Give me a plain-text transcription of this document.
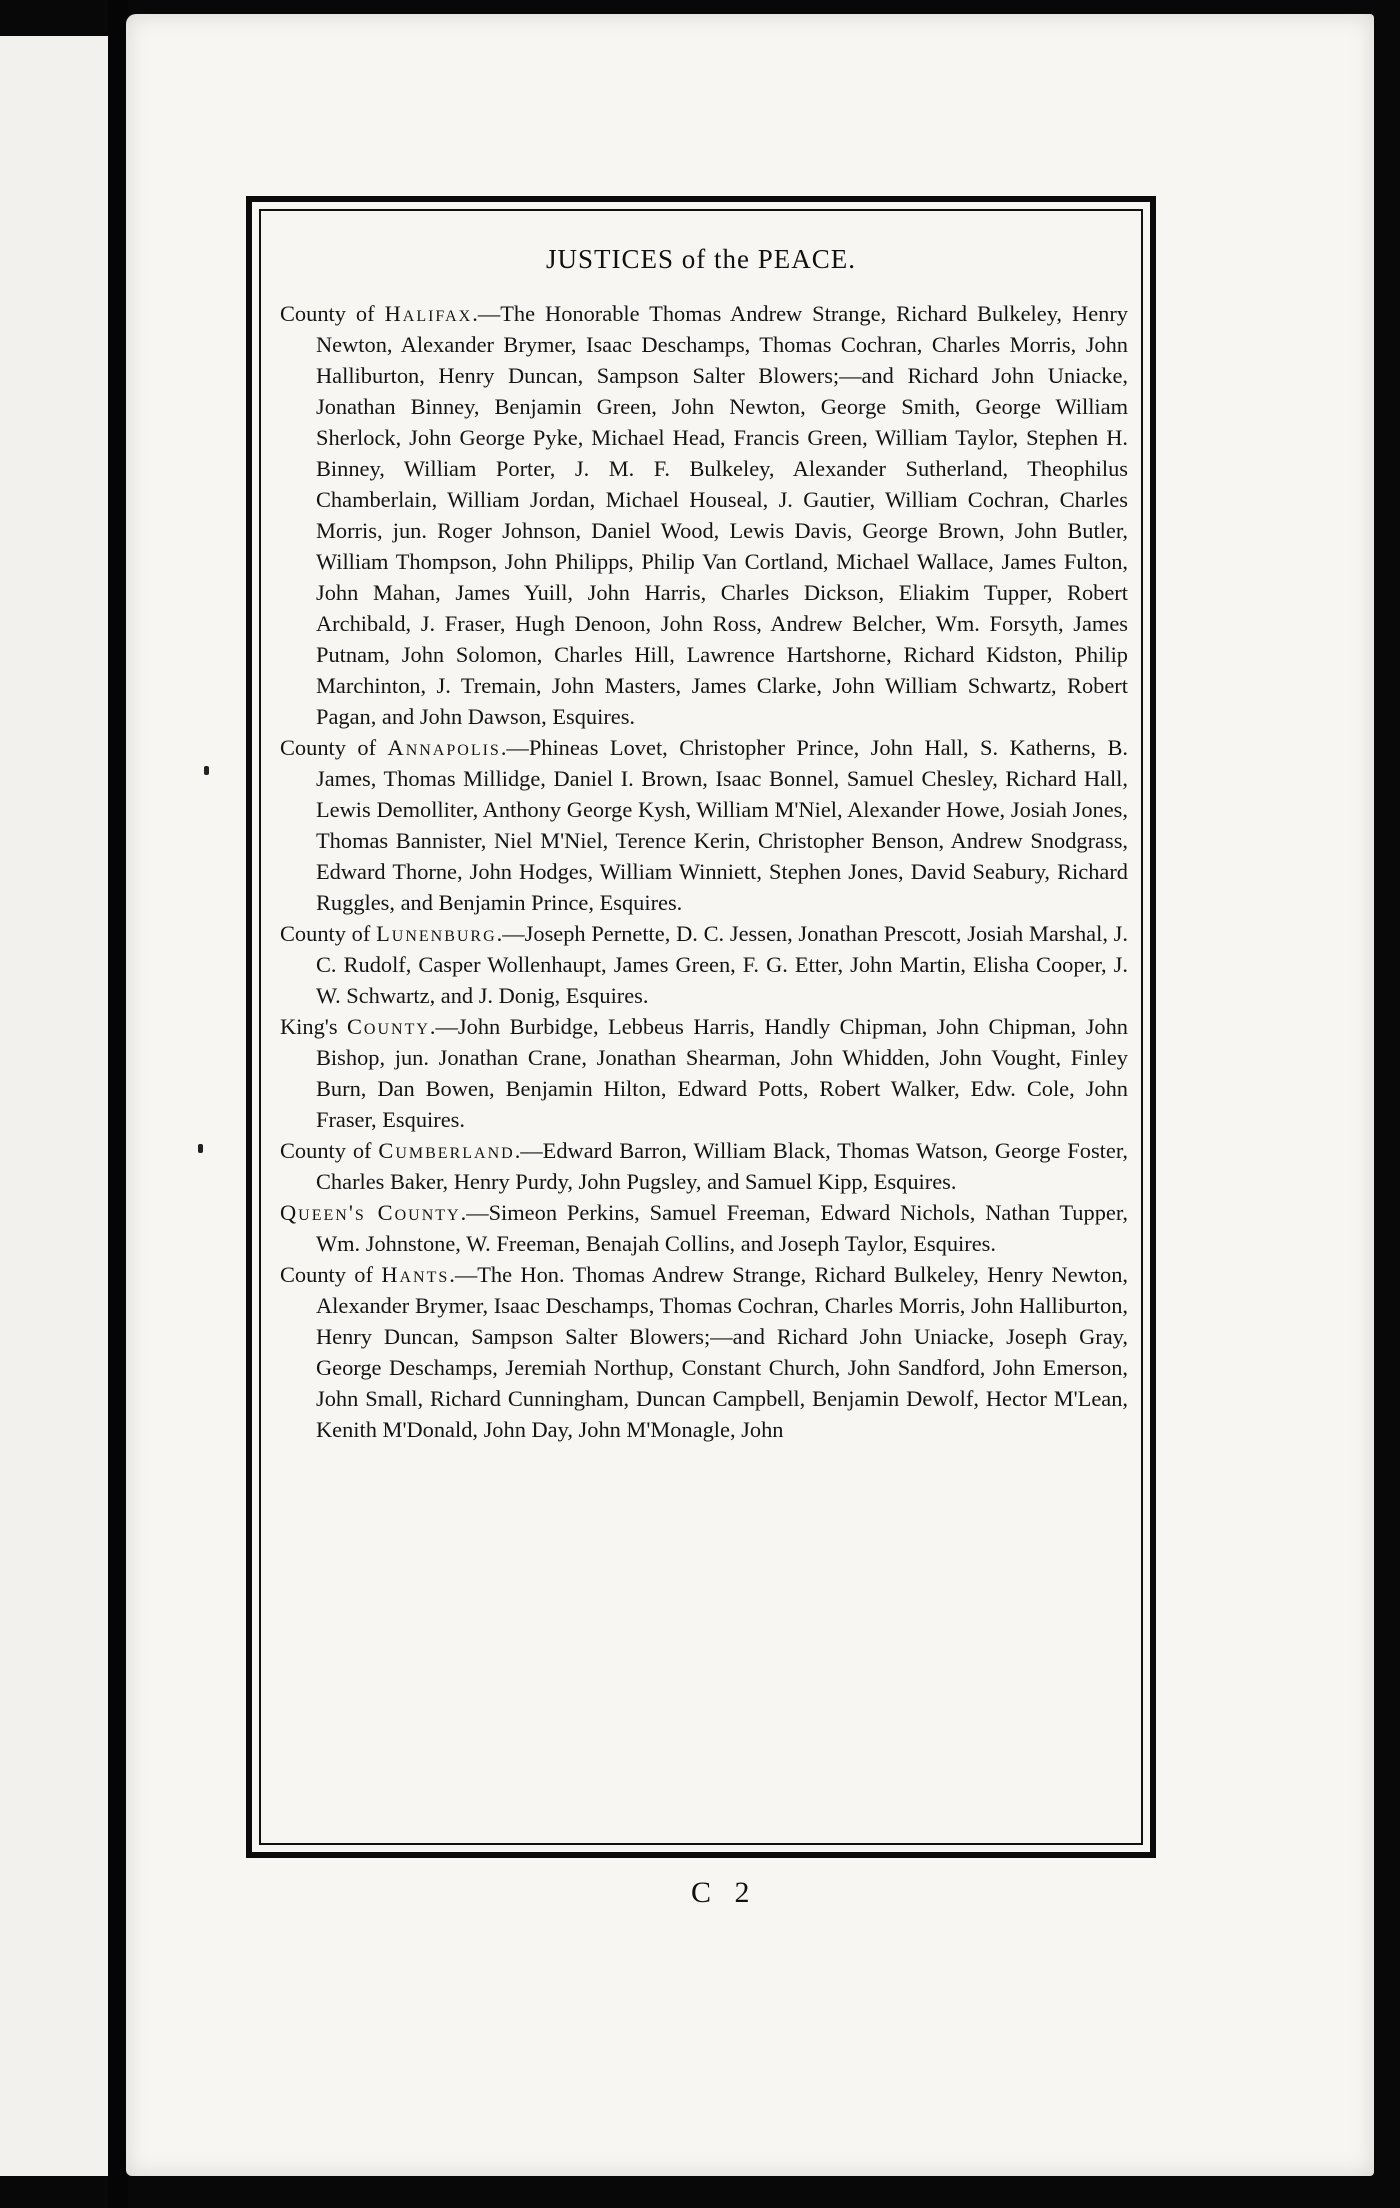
JUSTICES of the PEACE.

County of Halifax.—The Honorable Thomas Andrew Strange, Richard Bulkeley, Henry Newton, Alexander Brymer, Isaac Deschamps, Thomas Cochran, Charles Morris, John Halliburton, Henry Duncan, Sampson Salter Blowers;—and Richard John Uniacke, Jonathan Binney, Benjamin Green, John Newton, George Smith, George William Sherlock, John George Pyke, Michael Head, Francis Green, William Taylor, Stephen H. Binney, William Porter, J. M. F. Bulkeley, Alexander Sutherland, Theophilus Chamberlain, William Jordan, Michael Houseal, J. Gautier, William Cochran, Charles Morris, jun. Roger Johnson, Daniel Wood, Lewis Davis, George Brown, John Butler, William Thompson, John Philipps, Philip Van Cortland, Michael Wallace, James Fulton, John Mahan, James Yuill, John Harris, Charles Dickson, Eliakim Tupper, Robert Archibald, J. Fraser, Hugh Denoon, John Ross, Andrew Belcher, Wm. Forsyth, James Putnam, John Solomon, Charles Hill, Lawrence Hartshorne, Richard Kidston, Philip Marchinton, J. Tremain, John Masters, James Clarke, John William Schwartz, Robert Pagan, and John Dawson, Esquires.

County of Annapolis.—Phineas Lovet, Christopher Prince, John Hall, S. Katherns, B. James, Thomas Millidge, Daniel I. Brown, Isaac Bonnel, Samuel Chesley, Richard Hall, Lewis Demolliter, Anthony George Kysh, William M'Niel, Alexander Howe, Josiah Jones, Thomas Bannister, Niel M'Niel, Terence Kerin, Christopher Benson, Andrew Snodgrass, Edward Thorne, John Hodges, William Winniett, Stephen Jones, David Seabury, Richard Ruggles, and Benjamin Prince, Esquires.

County of Lunenburg.—Joseph Pernette, D. C. Jessen, Jonathan Prescott, Josiah Marshal, J. C. Rudolf, Casper Wollenhaupt, James Green, F. G. Etter, John Martin, Elisha Cooper, J. W. Schwartz, and J. Donig, Esquires.

King's County.—John Burbidge, Lebbeus Harris, Handly Chipman, John Chipman, John Bishop, jun. Jonathan Crane, Jonathan Shearman, John Whidden, John Vought, Finley Burn, Dan Bowen, Benjamin Hilton, Edward Potts, Robert Walker, Edw. Cole, John Fraser, Esquires.

County of Cumberland.—Edward Barron, William Black, Thomas Watson, George Foster, Charles Baker, Henry Purdy, John Pugsley, and Samuel Kipp, Esquires.

Queen's County.—Simeon Perkins, Samuel Freeman, Edward Nichols, Nathan Tupper, Wm. Johnstone, W. Freeman, Benajah Collins, and Joseph Taylor, Esquires.

County of Hants.—The Hon. Thomas Andrew Strange, Richard Bulkeley, Henry Newton, Alexander Brymer, Isaac Deschamps, Thomas Cochran, Charles Morris, John Halliburton, Henry Duncan, Sampson Salter Blowers;—and Richard John Uniacke, Joseph Gray, George Deschamps, Jeremiah Northup, Constant Church, John Sandford, John Emerson, John Small, Richard Cunningham, Duncan Campbell, Benjamin Dewolf, Hector M'Lean, Kenith M'Donald, John Day, John M'Monagle, John

C 2
